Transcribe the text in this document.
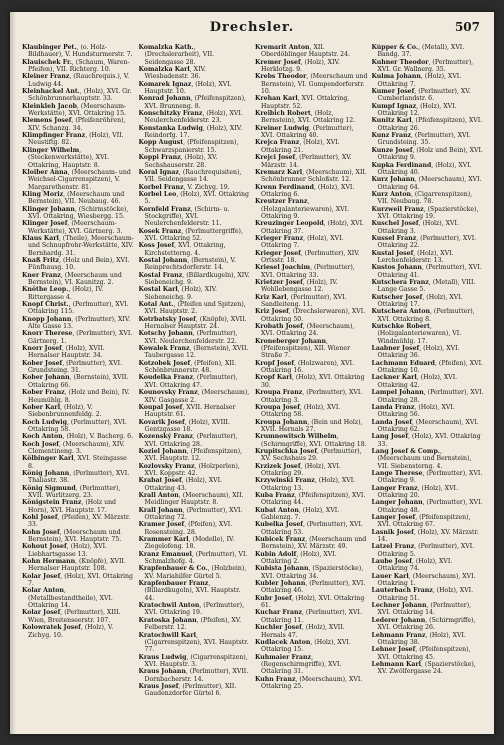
Drechsler.	507

Klaubinger Pet., (o. Holz-Bildhauer), V. Hundsturmerstr. 7.

Klauischek Fr., (Schaum, Waren-Pfeifen), VII. Richterg. 10.

Kleiner Franz, (Rauchrequis.), V. Ludwig 44.

Kleinhackel Ant., (Holz), XVI. Gr. Schönbrunnerhauptstr. 33.

Kleinkleh Jacob, (Meerschaum-Werkstätte), XVI. Ottakring 15.

Klemens Josef, (Pfeifenröhren), XIV. Schanzg. 34.

Klimpfinger Franz, (Holz), VII. Neustiftg. 82.

Klinger Wilhelm, (Steckenwerkstätte), XVI. Ottakring, Hauptstr. 8.

Kloiber Anna, (Meerschaum- und Weichsel-Cigarrenspitzen), V. Margarethenstr. 81.

Kling Moriz, (Meerschaum und Bernstein), VII. Neubaug. 46.

Klinger Johann, (Schirmstöcke), XVI. Ottakring, Wiesbergg. 15.

Klinger Josef, (Meerschaum-Werkstätte), XVI. Gärtnerg. 3.

Klaus Karl, (Theile), Meerschaum- und Schnupfrohr-Werkstätte, XIV. Bernhardg. 31.

Knaß Fritz, (Holz und Bein), XVI. Fünfhausg. 10.

Kner Franz, (Meerschaum und Bernstein), VI. Kaunitzg. 2.

Knöthe Leop., (Holz), IV. Rittergasse 4.

Knopf Christ., (Perlmutter), XVI. Ottakring 115.

Knopp Johann, (Perlmutter), XIV. Alte Gasse 13.

Knorr Therese, (Perlmutter), XVI. Gärtnerg. 1.

Knorr Josef, (Holz), XVII. Hernalser Hauptstr. 34.

Kober Josef, (Perlmutter), XVI. Grundsteing. 31.

Kober Johann, (Bernstein), XVII. Ottakring 66.

Kober Franz, (Holz und Bein), IV. Heumühlg. 8.

Kober Karl, (Holz), V. Siebenbrunnenfeldg. 2.

Koch Ludwig, (Perlmutter), XVI. Ottakring 58.

Koch Anton, (Holz), V. Bacherg. 6.

Koch Josef, (Meerschaum), XIV. Clementineng. 3.

Kölbinger Karl, XVI. Steingasse 8.

König Johann, (Perlmutter), XVI. Thaliastr. 38.

König Sigmund, (Perlmutter), XVII. Wurlitzerg. 23.

Königstein Franz, (Holz und Horn), XVI. Hauptstr. 17.

Kohl Josef, (Pfeifen), XV. Märzstr. 33.

Kohn Josef, (Meerschaum und Bernstein), XVI. Hauptstr. 75.

Kohout Josef, (Holz), XVI. Liebhartsgasse 13.

Kohn Hermann, (Knöpfe), XVII. Hernalser Hauptstr. 108.

Kolar Josef, (Holz), XVI. Ottakring 7.

Kolar Anton, (Metallbestandtheile), XVI. Ottakring 14.

Kolar Josef, (Perlmutter), XIII. Wien, Breitenseerstr. 107.

Kolowratek Josef, (Holz), V. Zichyg. 10.

Komalzka Kath., (Drechslerarbeit), VII. Seidengasse 28.

Komalzka Karl, XIV. Wiesbadenstr. 36.

Komarek Ignaz, (Holz), XVI. Hauptstr. 10.

Konrad Johann, (Pfeifenspitzen), XVI. Brunneng. 8.

Konschitzky Franz, (Holz), XVI. Neulerchenfelderstr. 23.

Konstanka Ludwig, (Holz), XIV. Reindorfg. 17.

Kopp August, (Pfeifenspitzen), Schwarzspanierstr. 15.

Koppi Franz, (Holz), XV. Sechshauserstr. 28.

Koral Ignaz, (Rauchrequisiten), VII. Seidengasse 14.

Korbel Franz, V. Zichyg. 19.

Korbel Leo, (Holz), XVI. Ottakring 5.

Kornfeld Franz, (Schirm- u. Stockgriffe), XVI. Neulerchenfelderstr. 11.

Kosek Franz, (Perlmuttergriffe), XVI. Ottakring 52.

Koss Josef, XVI. Ottakring, Kirchstetterng. 4.

Kostal Johann, (Bernstein), V. Reinprechtsdorferstr. 14.

Kostal Franz, (Billardkugeln), XIV. Siebeneichg. 9.

Kostal Karl, (Holz), XIV. Siebeneichg. 9.

Kotal Ant., (Pfeifen und Spitzen), XVI. Hauptstr. 2.

Kotrbatsky Josef, (Knöpfe), XVII. Hernalser Hauptstr. 24.

Kotschy Johann, (Perlmutter), XVI. Neulerchenfelderstr. 22.

Kowalek Franz, (Bernstein), XVII. Taubergasse 12.

Kotzobek Josef, (Pfeifen), XII. Schönbrunnerstr. 48.

Koudelka Franz, (Perlmutter), XVI. Ottakring 47.

Kounovsky Franz, (Meerschaum), XIV. Gasgasse 2.

Koupal Josef, XVII. Hernalser Hauptstr. 61.

Kovarik Josef, (Holz), XVIII. Gentzgasse 18.

Kozenský Franz, (Perlmutter), XVI. Ottakring 28.

Koziel Johann, (Pfeifenspitzen), XVI. Hauptstr. 12.

Kozlovsky Franz, (Holzperlen), XVI. Koppstr. 42.

Krabat Josef, (Holz), XVI. Ottakring 43.

Krall Anton, (Meerschaum), XII. Meidlinger Hauptstr. 8.

Krall Johann, (Perlmutter), XVI. Ottakring 72.

Kramer Josef, (Pfeifen), XVI. Rosensteing. 28.

Krammer Karl, (Modelle), IV. Ziegelofeng. 18.

Kranz Emanuel, (Perlmutter), VI. Schmalzhofg. 4.

Krapfenbauer & Co., (Holzbein), XV. Mariahilfer Gürtel 5.

Krapfenbauer Franz, (Billardkugeln), XVI. Hauptstr. 44.

Kratochwil Anton, (Perlmutter), XVI. Ottakring 19.

Kratoska Johann, (Pfeifen), XV. Felberstr. 12.

Kratochwill Karl, (Cigarrenspitzen), XVI. Hauptstr. 77.

Kraus Ludwig, (Cigarrenspitzen), XVI. Hauptstr. 3.

Kraus Johann, (Perlmutter), XVII. Dornbacherstr. 14.

Kraus Josef, (Perlmutter), XII. Gaudenzdorfer Gürtel 6.

Kremarit Anton, XII. Oberdöblinger Hauptstr. 24.

Kremer Josef, (Holz), XIV. Herklotzg. 9.

Krebs Theodor, (Meerschaum und Bernstein), VI. Gumpendorferstr. 10.

Krehan Karl, XVI. Ottakring, Hauptstr. 52.

Kreibich Robert, (Holz, Bernstein), XVI. Ottakring 12.

Kreiner Ludwig, (Perlmutter), XVI. Ottakring 40.

Krejca Franz, (Holz), XVI. Ottakring 21.

Krejci Josef, (Perlmutter), XV. Märzstr. 14.

Kremarz Karl, (Meerschaum), XII. Schönbrunner Schloßstr. 12.

Krenn Ferdinand, (Holz), XVI. Ottakring 6.

Kreutzer Franz, (Holzgalanteriewaren), XVI. Ottakring 9.

Kreuzinger Leopold, (Holz), XVI. Ottakring 37.

Krieger Franz, (Holz), XVI. Ottakring 7.

Krieger Josef, (Perlmutter), XIV. Ortsstr. 18.

Kriesel Joachim, (Perlmutter), XVI. Ottakring 33.

Krietzer Josef, (Holz), IV. Wohllebengasse 12.

Kriz Karl, (Perlmutter), XVI. Sandleiteng. 11.

Kriz Josef, (Drechslerwaren), XVI. Ottakring 50.

Krobath Josef, (Meerschaum), XVI. Ottakring 24.

Kroneberger Johann, (Pfeifenspitzen), XII. Wiener Straße 7.

Kropf Josef, (Holzwaren), XVI. Ottakring 16.

Kropf Karl, (Holz), XVI. Ottakring 30.

Kroupa Franz, (Perlmutter), XVI. Ottakring 3.

Kroupa Josef, (Holz), XVI. Ottakring 58.

Kroupa Johann, (Bein und Holz), XVII. Hernals 27.

Krumnowitsch Wilhelm, (Schirmgriffe), XVI. Ottakring 18.

Krupitschka Josef, (Perlmutter), XV. Sechshaus 29.

Krzizek Josef, (Holz), XVI. Ottakring 29.

Krzywinski Franz, (Holz), XVI. Ottakring 13.

Kuba Franz, (Pfeifenspitzen), XVI. Ottakring 44.

Kubat Anton, (Holz), XVI. Gablenzg. 7.

Kubelka Josef, (Perlmutter), XVI. Ottakring 53.

Kubicek Franz, (Meerschaum und Bernstein), XV. Märzstr. 49.

Kubin Adolf, (Holz), XVI. Ottakring 2.

Kubista Johann, (Spazierstöcke), XVI. Ottakring 34.

Kubler Johann, (Perlmutter), XVI. Ottakring 46.

Kubr Josef, (Holz), XVI. Ottakring 61.

Kuchar Franz, (Perlmutter), XVI. Ottakring 11.

Kuchler Josef, (Holz), XVII. Hernals 47.

Kudlacek Anton, (Holz), XVI. Ottakring 15.

Kuhmaier Franz, (Regenschirmgriffe), XVI. Ottakring 31.

Kuhn Franz, (Meerschaum), XVI. Ottakring 25.

Küpper & Co., (Metall), XVI. Bandg. 37.

Kuhner Theodor, (Perlmutter), XVI. Gr. Wallnerg. 35.

Kulma Johann, (Holz), XVI. Ottakring 7.

Kumer Josef, (Perlmutter), XV. Cumberlandstr. 6.

Kumpf Ignaz, (Holz), XVI. Ottakring 12.

Kunitz Karl, (Pfeifenspitzen), XVI. Ottakring 26.

Kunz Franz, (Perlmutter), XVI. Grundsteing. 35.

Kunze Josef, (Holz und Bein), XVI. Ottakring 9.

Kupka Ferdinand, (Holz), XVI. Ottakring 40.

Kurz Johann, (Meerschaum), XVI. Ottakring 64.

Kurz Anton, (Cigarrenspitzen), VII. Neubaug. 78.

Kurzweil Franz, (Spazierstöcke), XVI. Ottakring 19.

Kuschel Josef, (Holz), XVI. Ottakring 3.

Kussel Franz, (Perlmutter), XVI. Ottakring 22.

Kustal Josef, (Holz), XVI. Lerchenfelderstr. 13.

Kustos Johann, (Perlmutter), XVI. Ottakring 41.

Kutschera Franz, (Metall), VIII. Lange Gasse 5.

Kutscher Josef, (Holz), XVI. Ottakring 17.

Kutschera Anton, (Perlmutter), XVI. Ottakring 8.

Kutschke Robert, (Holzgalanteriewaren), VI. Windmühlg. 17.

Laabner Josef, (Holz), XVI. Ottakring 36.

Lachmann Eduard, (Pfeifen), XVI. Ottakring 10.

Lackner Karl, (Holz), XVI. Ottakring 42.

Lampel Johann, (Perlmutter), XVI. Ottakring 28.

Landa Franz, (Holz), XVI. Ottakring 56.

Landa Josef, (Meerschaum), XVI. Ottakring 62.

Lang Josef, (Holz), XVI. Ottakring 33.

Lang Josef & Comp., (Meerschaum und Bernstein), VII. Siebensterng. 4.

Lange Therese, (Perlmutter), XVI. Ottakring 9.

Langer Franz, (Holz), XVI. Ottakring 20.

Langer Johann, (Perlmutter), XVI. Ottakring 48.

Langer Josef, (Pfeifenspitzen), XVI. Ottakring 67.

Lasnik Josef, (Holz), XV. Märzstr. 14.

Latzel Franz, (Perlmutter), XVI. Ottakring 5.

Laube Josef, (Holz), XVI. Ottakring 74.

Lauer Karl, (Meerschaum), XVI. Ottakring 1.

Lauterbach Franz, (Holz), XVI. Ottakring 51.

Lechner Johann, (Perlmutter), XVI. Ottakring 14.

Lederer Johann, (Schirmgriffe), XVI. Ottakring 26.

Lehmann Franz, (Holz), XVI. Ottakring 38.

Lehner Josef, (Pfeifenspitzen), XVI. Ottakring 45.

Lehmann Karl, (Spazierstöcke), XV. Zwölfergasse 24.
